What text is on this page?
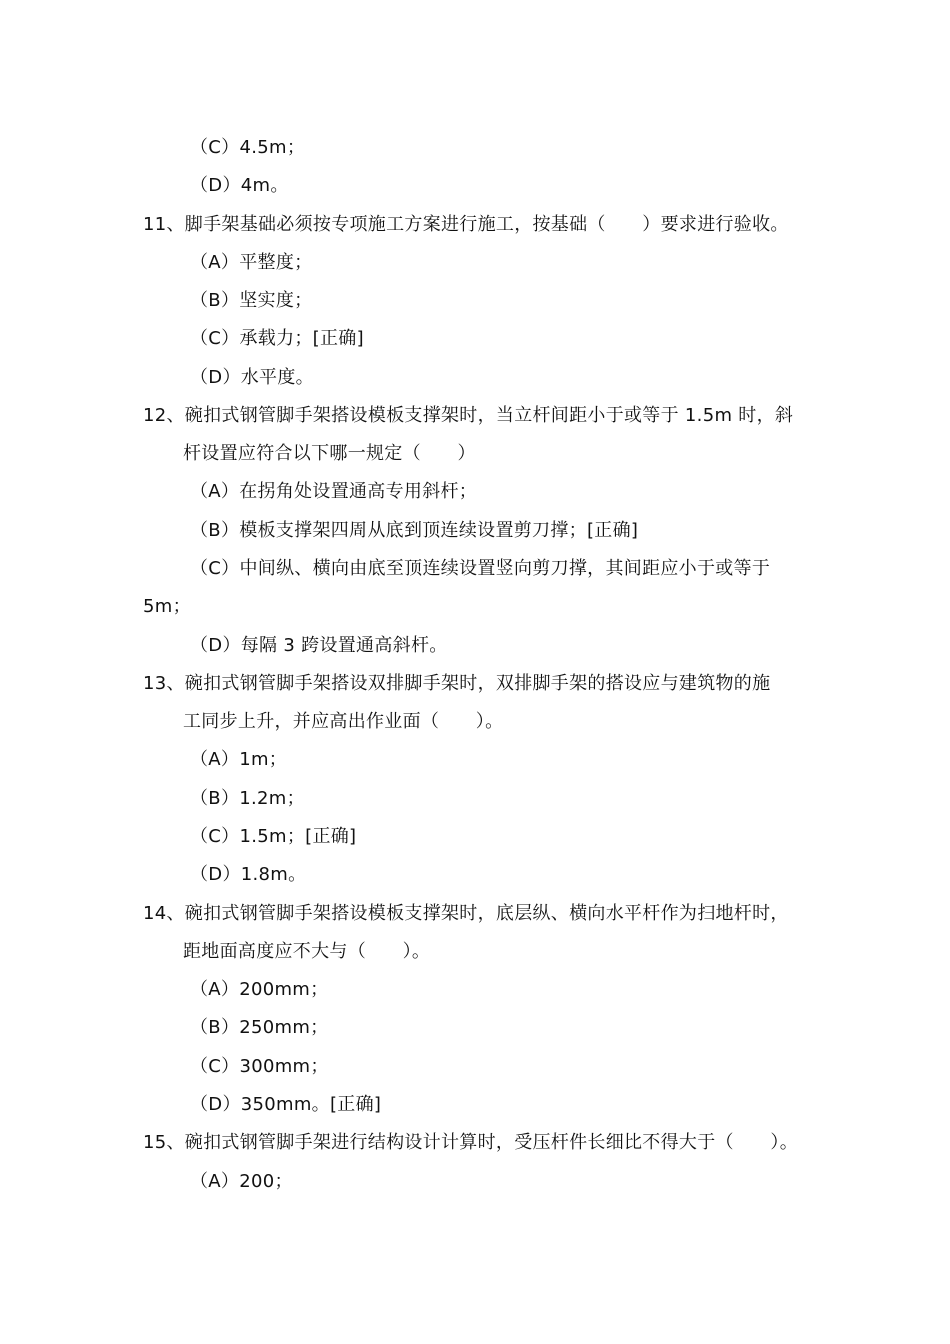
（C）4.5m；
（D）4m。
11、脚手架基础必须按专项施工方案进行施工，按基础（　　）要求进行验收。
（A）平整度；
（B）坚实度；
（C）承载力；[正确]
（D）水平度。
12、碗扣式钢管脚手架搭设模板支撑架时，当立杆间距小于或等于 1.5m 时，斜
杆设置应符合以下哪一规定（　　）
（A）在拐角处设置通高专用斜杆；
（B）模板支撑架四周从底到顶连续设置剪刀撑；[正确]
（C）中间纵、横向由底至顶连续设置竖向剪刀撑，其间距应小于或等于
5m；
（D）每隔 3 跨设置通高斜杆。
13、碗扣式钢管脚手架搭设双排脚手架时，双排脚手架的搭设应与建筑物的施
工同步上升，并应高出作业面（　　）。
（A）1m；
（B）1.2m；
（C）1.5m；[正确]
（D）1.8m。
14、碗扣式钢管脚手架搭设模板支撑架时，底层纵、横向水平杆作为扫地杆时，
距地面高度应不大与（　　）。
（A）200mm；
（B）250mm；
（C）300mm；
（D）350mm。[正确]
15、碗扣式钢管脚手架进行结构设计计算时，受压杆件长细比不得大于（　　）。
（A）200；
